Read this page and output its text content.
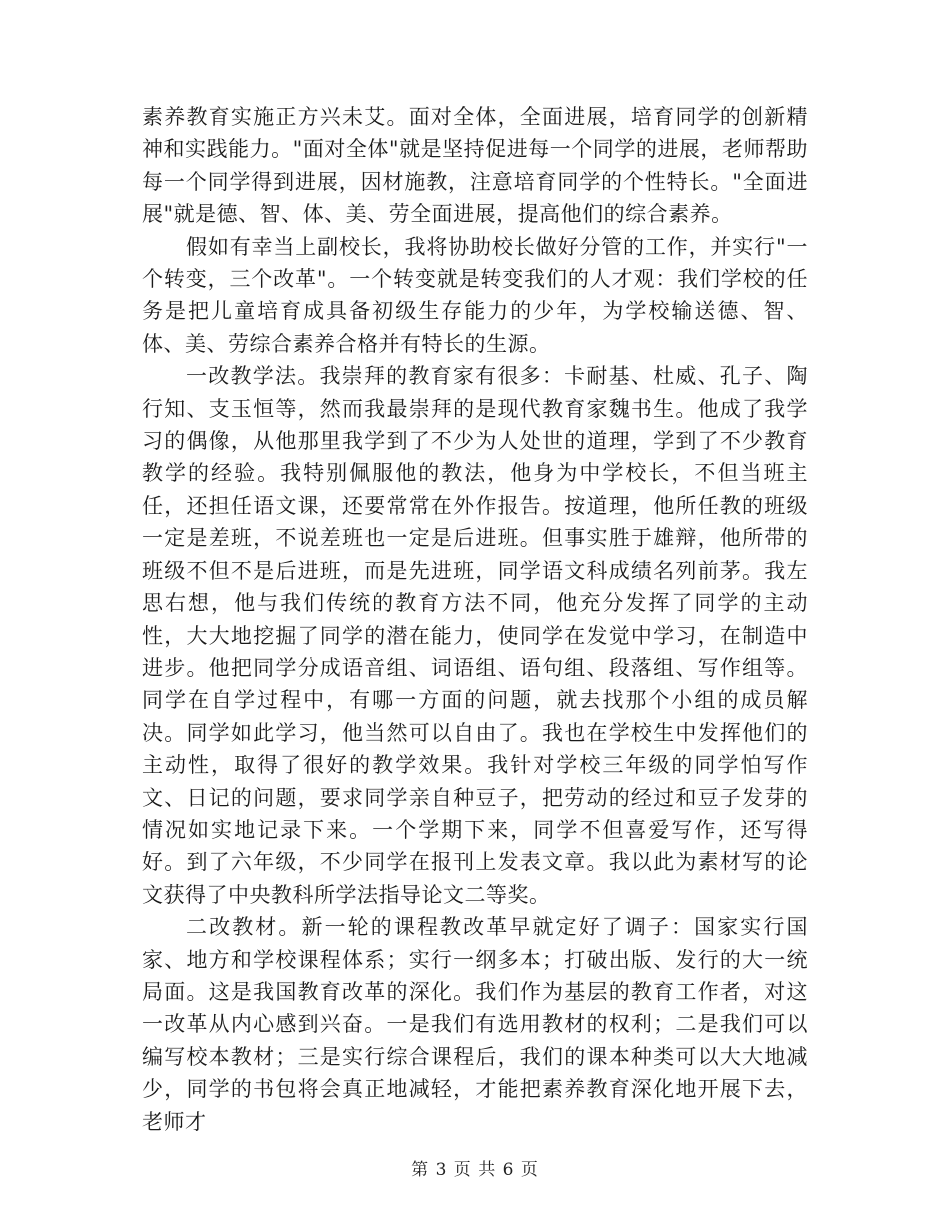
素养教育实施正方兴未艾。面对全体，全面进展，培育同学的创新精神和实践能力。"面对全体"就是坚持促进每一个同学的进展，老师帮助每一个同学得到进展，因材施教，注意培育同学的个性特长。"全面进展"就是德、智、体、美、劳全面进展，提高他们的综合素养。

假如有幸当上副校长，我将协助校长做好分管的工作，并实行"一个转变，三个改革"。一个转变就是转变我们的人才观：我们学校的任务是把儿童培育成具备初级生存能力的少年，为学校输送德、智、体、美、劳综合素养合格并有特长的生源。

一改教学法。我崇拜的教育家有很多：卡耐基、杜威、孔子、陶行知、支玉恒等，然而我最崇拜的是现代教育家魏书生。他成了我学习的偶像，从他那里我学到了不少为人处世的道理，学到了不少教育教学的经验。我特别佩服他的教法，他身为中学校长，不但当班主任，还担任语文课，还要常常在外作报告。按道理，他所任教的班级一定是差班，不说差班也一定是后进班。但事实胜于雄辩，他所带的班级不但不是后进班，而是先进班，同学语文科成绩名列前茅。我左思右想，他与我们传统的教育方法不同，他充分发挥了同学的主动性，大大地挖掘了同学的潜在能力，使同学在发觉中学习，在制造中进步。他把同学分成语音组、词语组、语句组、段落组、写作组等。同学在自学过程中，有哪一方面的问题，就去找那个小组的成员解决。同学如此学习，他当然可以自由了。我也在学校生中发挥他们的主动性，取得了很好的教学效果。我针对学校三年级的同学怕写作文、日记的问题，要求同学亲自种豆子，把劳动的经过和豆子发芽的情况如实地记录下来。一个学期下来，同学不但喜爱写作，还写得好。到了六年级，不少同学在报刊上发表文章。我以此为素材写的论文获得了中央教科所学法指导论文二等奖。

二改教材。新一轮的课程教改革早就定好了调子：国家实行国家、地方和学校课程体系；实行一纲多本；打破出版、发行的大一统局面。这是我国教育改革的深化。我们作为基层的教育工作者，对这一改革从内心感到兴奋。一是我们有选用教材的权利；二是我们可以编写校本教材；三是实行综合课程后，我们的课本种类可以大大地减少，同学的书包将会真正地减轻，才能把素养教育深化地开展下去，老师才

第 3 页 共 6 页
